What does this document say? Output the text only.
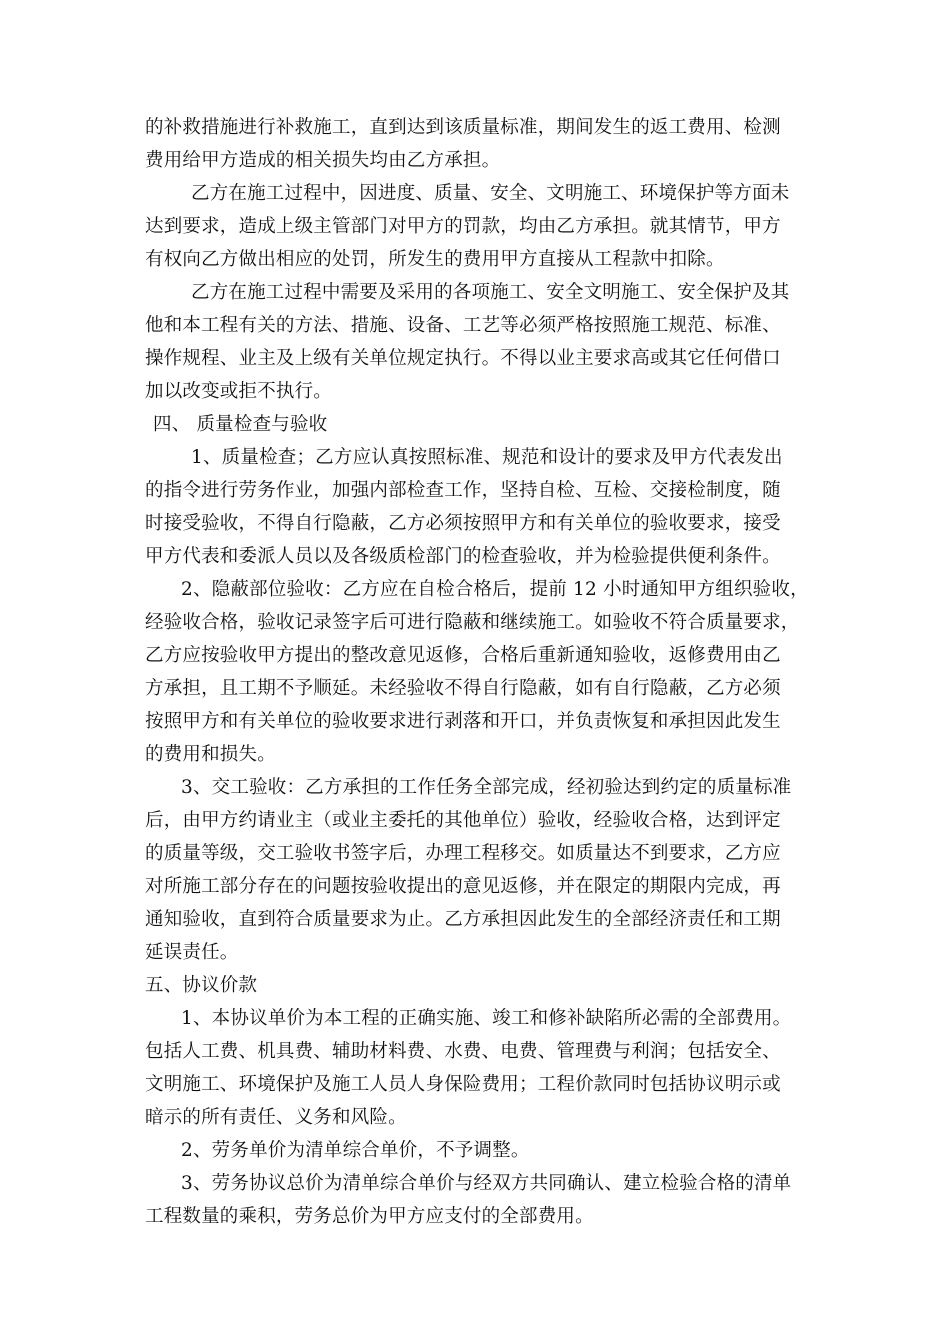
的补救措施进行补救施工，直到达到该质量标准，期间发生的返工费用、检测
费用给甲方造成的相关损失均由乙方承担。
乙方在施工过程中，因进度、质量、安全、文明施工、环境保护等方面未
达到要求，造成上级主管部门对甲方的罚款，均由乙方承担。就其情节，甲方
有权向乙方做出相应的处罚，所发生的费用甲方直接从工程款中扣除。
乙方在施工过程中需要及采用的各项施工、安全文明施工、安全保护及其
他和本工程有关的方法、措施、设备、工艺等必须严格按照施工规范、标准、
操作规程、业主及上级有关单位规定执行。不得以业主要求高或其它任何借口
加以改变或拒不执行。
四、 质量检查与验收
1、质量检查；乙方应认真按照标准、规范和设计的要求及甲方代表发出
的指令进行劳务作业，加强内部检查工作，坚持自检、互检、交接检制度，随
时接受验收，不得自行隐蔽，乙方必须按照甲方和有关单位的验收要求，接受
甲方代表和委派人员以及各级质检部门的检查验收，并为检验提供便利条件。
2、隐蔽部位验收：乙方应在自检合格后，提前 12 小时通知甲方组织验收，
经验收合格，验收记录签字后可进行隐蔽和继续施工。如验收不符合质量要求，
乙方应按验收甲方提出的整改意见返修，合格后重新通知验收，返修费用由乙
方承担，且工期不予顺延。未经验收不得自行隐蔽，如有自行隐蔽，乙方必须
按照甲方和有关单位的验收要求进行剥落和开口，并负责恢复和承担因此发生
的费用和损失。
3、交工验收：乙方承担的工作任务全部完成，经初验达到约定的质量标准
后，由甲方约请业主（或业主委托的其他单位）验收，经验收合格，达到评定
的质量等级，交工验收书签字后，办理工程移交。如质量达不到要求，乙方应
对所施工部分存在的问题按验收提出的意见返修，并在限定的期限内完成，再
通知验收，直到符合质量要求为止。乙方承担因此发生的全部经济责任和工期
延误责任。
五、协议价款
1、本协议单价为本工程的正确实施、竣工和修补缺陷所必需的全部费用。
包括人工费、机具费、辅助材料费、水费、电费、管理费与利润；包括安全、
文明施工、环境保护及施工人员人身保险费用；工程价款同时包括协议明示或
暗示的所有责任、义务和风险。
2、劳务单价为清单综合单价，不予调整。
3、劳务协议总价为清单综合单价与经双方共同确认、建立检验合格的清单
工程数量的乘积，劳务总价为甲方应支付的全部费用。
